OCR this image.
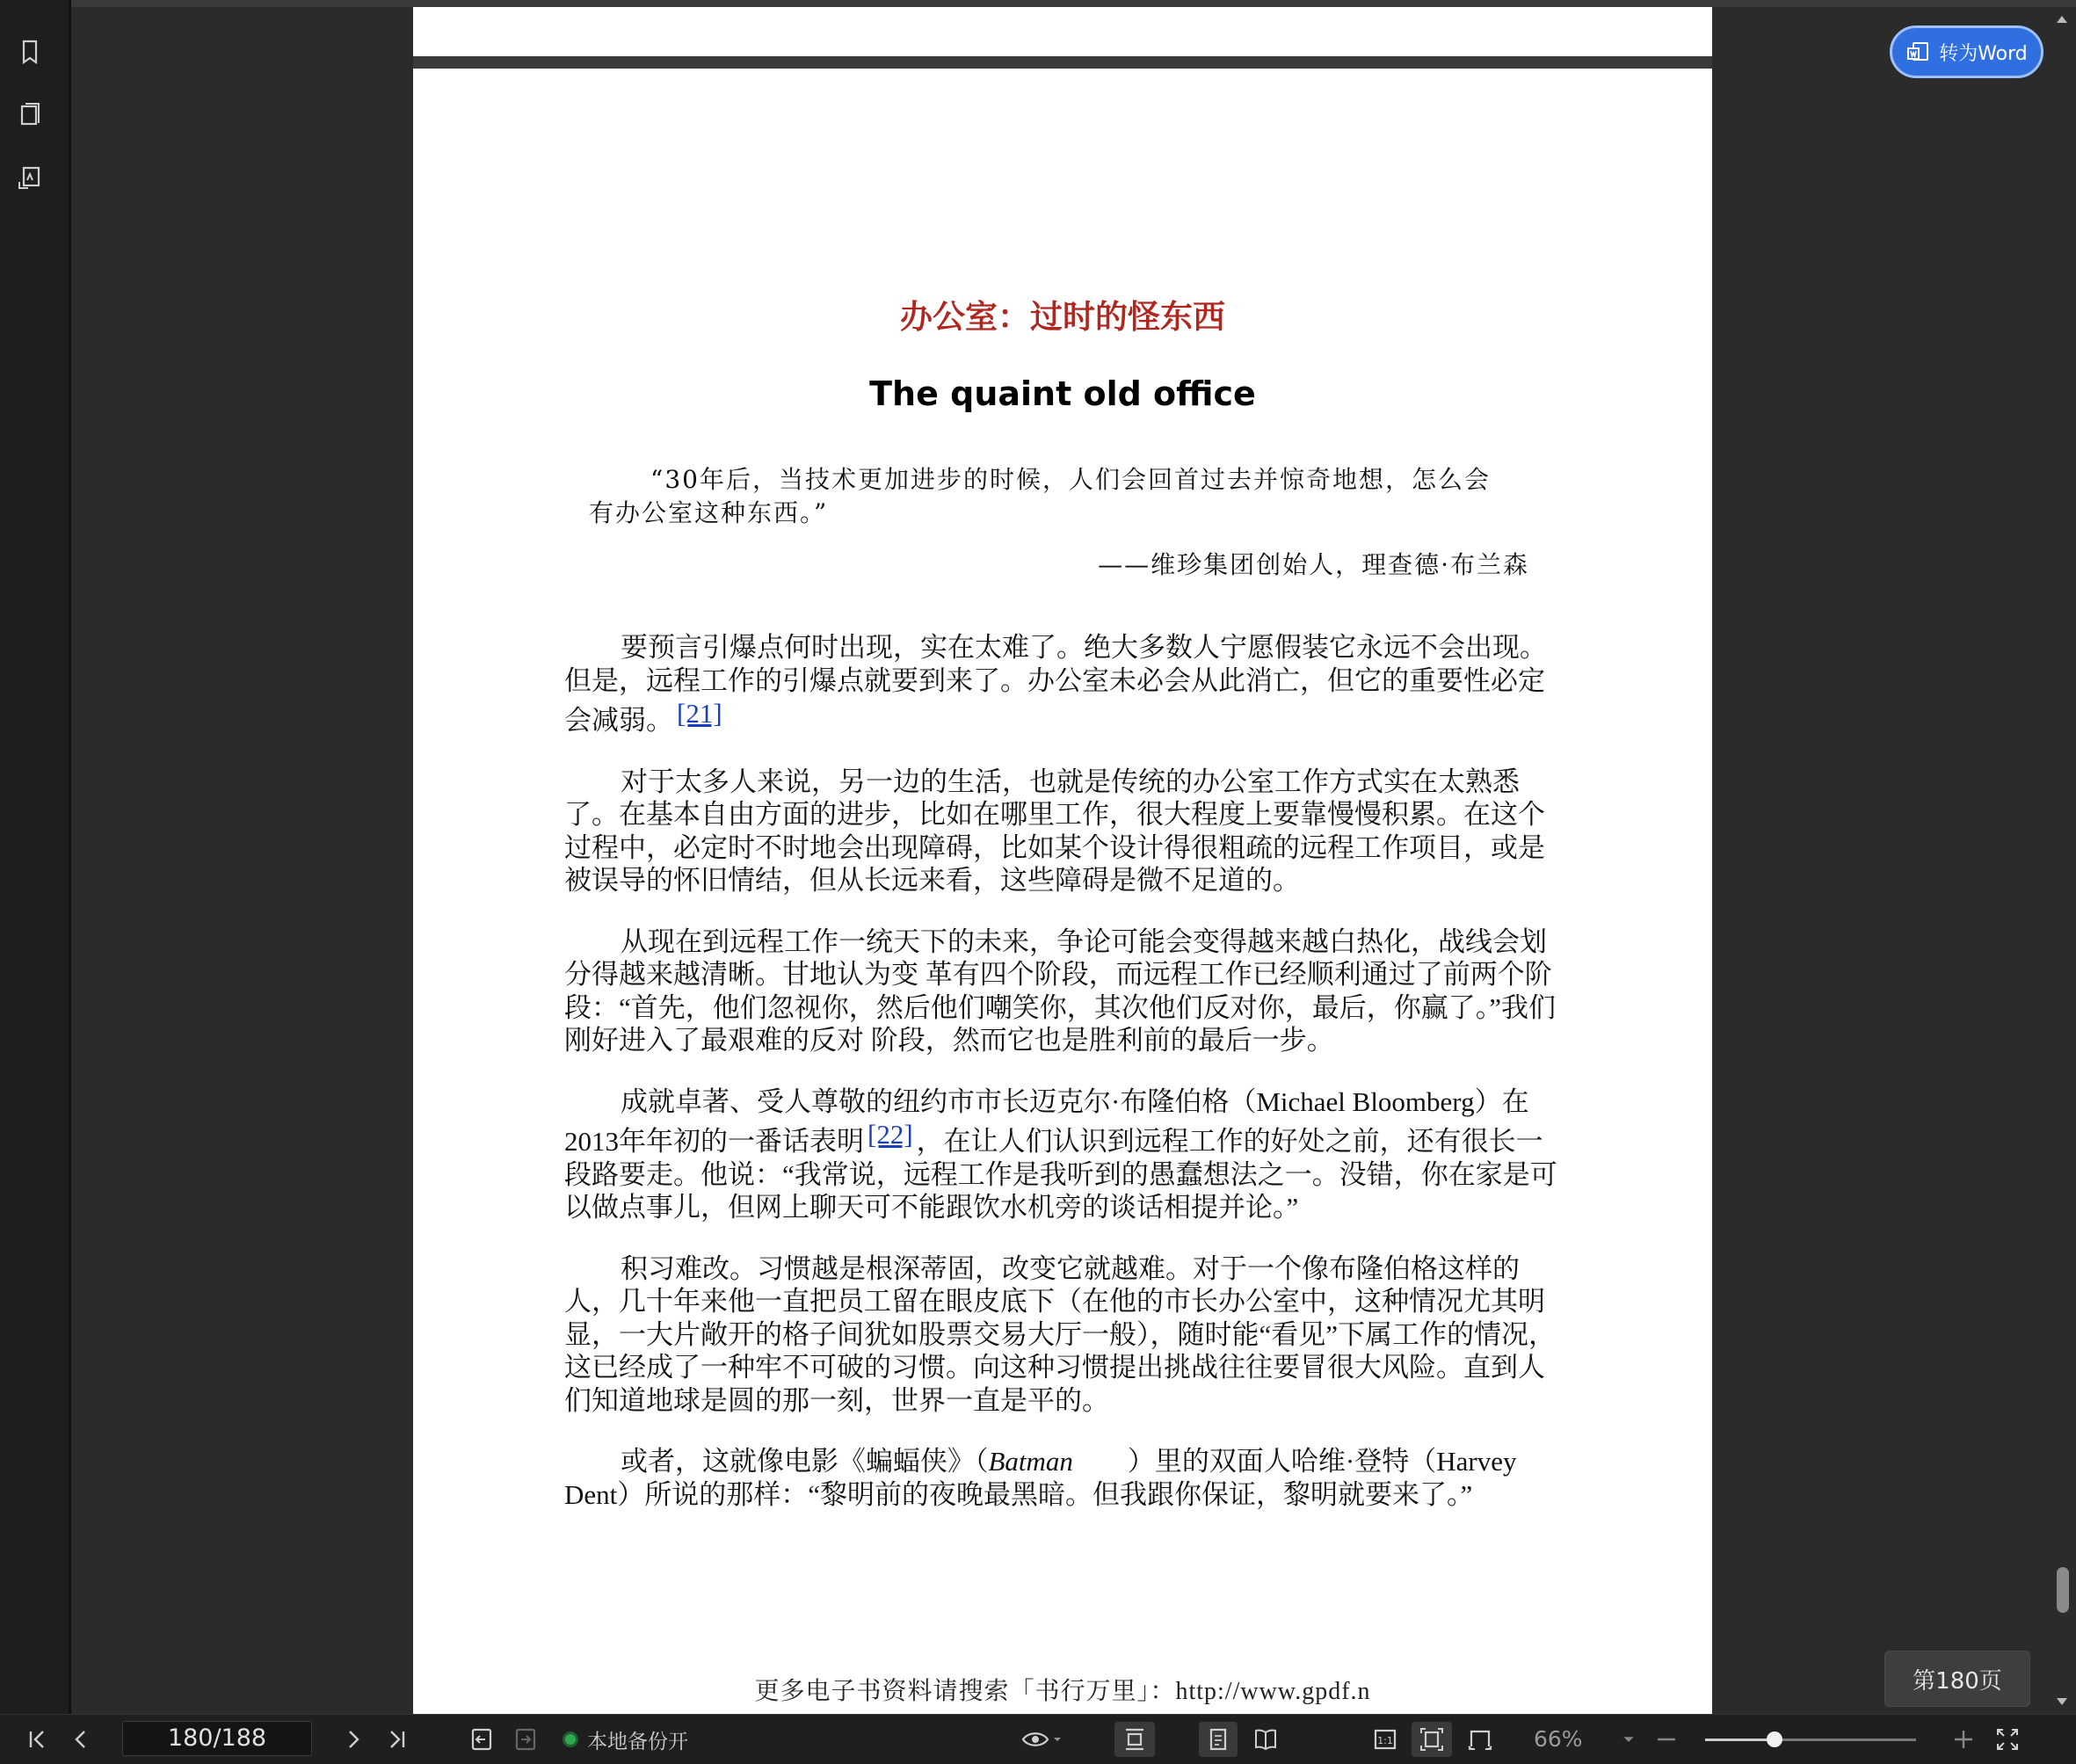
办公室：过时的怪东西
The quaint old office
“30年后，当技术更加进步的时候，人们会回首过去并惊奇地想，怎么会有办公室这种东西。”
——维珍集团创始人，理查德·布兰森

要预言引爆点何时出现，实在太难了。绝大多数人宁愿假装它永远不会出现。但是，远程工作的引爆点就要到来了。办公室未必会从此消亡，但它的重要性必定会减弱。 [21]

对于太多人来说，另一边的生活，也就是传统的办公室工作方式实在太熟悉了。在基本自由方面的进步，比如在哪里工作，很大程度上要靠慢慢积累。在这个过程中，必定时不时地会出现障碍，比如某个设计得很粗疏的远程工作项目，或是被误导的怀旧情结，但从长远来看，这些障碍是微不足道的。

从现在到远程工作一统天下的未来，争论可能会变得越来越白热化，战线会划分得越来越清晰。甘地认为变 革有四个阶段，而远程工作已经顺利通过了前两个阶段：“首先，他们忽视你，然后他们嘲笑你，其次他们反对你，最后，你赢了。”我们刚好进入了最艰难的反对 阶段，然而它也是胜利前的最后一步。

成就卓著、受人尊敬的纽约市市长迈克尔·布隆伯格（Michael Bloomberg）在2013年年初的一番话表明 [22] ，在让人们认识到远程工作的好处之前，还有很长一段路要走。他说：“我常说，远程工作是我听到的愚蠢想法之一。没错，你在家是可以做点事儿，但网上聊天可不能跟饮水机旁的谈话相提并论。”

积习难改。习惯越是根深蒂固，改变它就越难。对于一个像布隆伯格这样的人，几十年来他一直把员工留在眼皮底下（在他的市长办公室中，这种情况尤其明显，一大片敞开的格子间犹如股票交易大厅一般），随时能“看见”下属工作的情况，这已经成了一种牢不可破的习惯。向这种习惯提出挑战往往要冒很大风险。直到人们知道地球是圆的那一刻，世界一直是平的。

或者，这就像电影《蝙蝠侠》（Batman　　）里的双面人哈维·登特（Harvey Dent）所说的那样：“黎明前的夜晚最黑暗。但我跟你保证，黎明就要来了。”

更多电子书资料请搜索「书行万里」：http://www.gpdf.n
转为Word
第180页
180/188	本地备份开	1:1	66%
